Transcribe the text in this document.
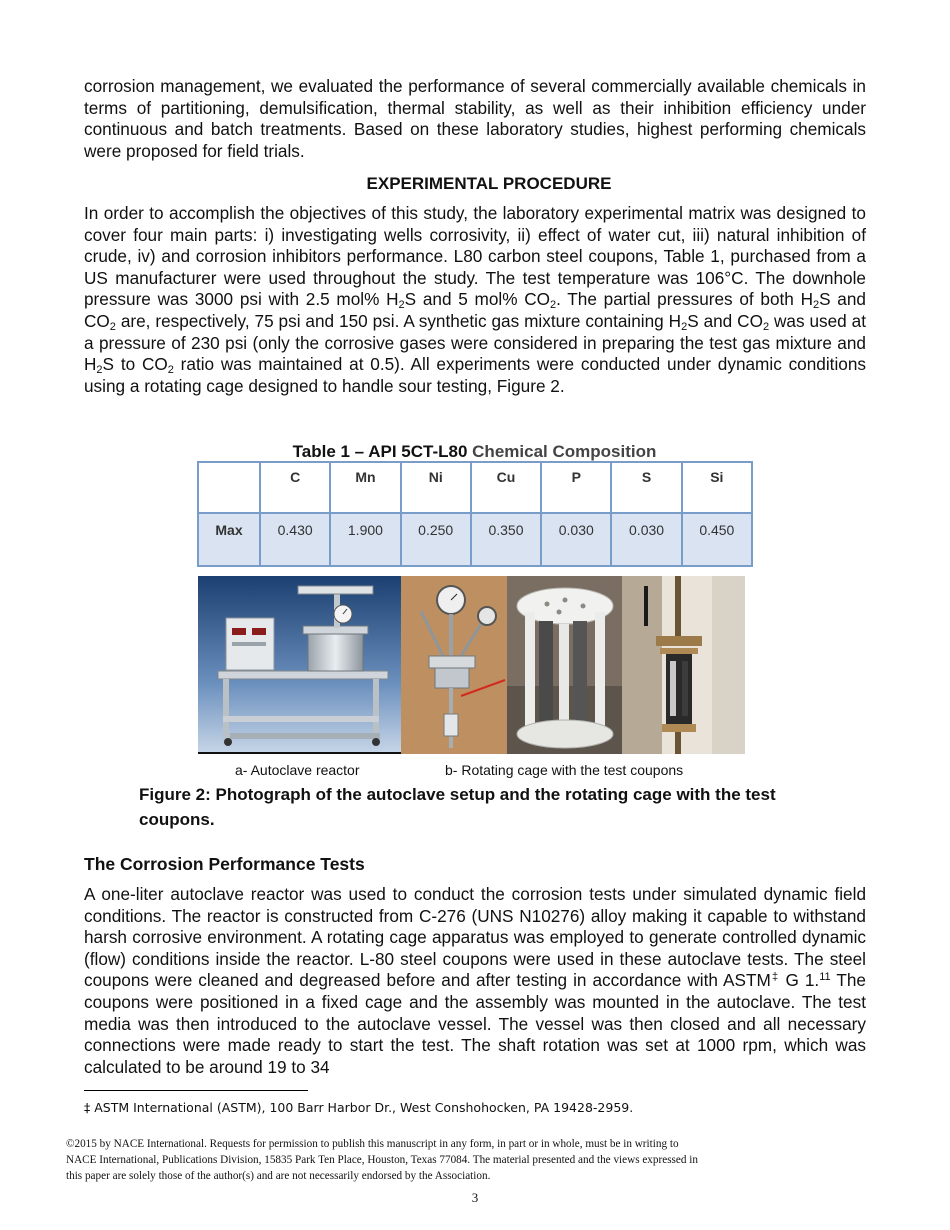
corrosion management, we evaluated the performance of several commercially available chemicals in terms of partitioning, demulsification, thermal stability, as well as their inhibition efficiency under continuous and batch treatments. Based on these laboratory studies, highest performing chemicals were proposed for field trials.

EXPERIMENTAL PROCEDURE

In order to accomplish the objectives of this study, the laboratory experimental matrix was designed to cover four main parts: i) investigating wells corrosivity, ii) effect of water cut, iii) natural inhibition of crude, iv) and corrosion inhibitors performance. L80 carbon steel coupons, Table 1, purchased from a US manufacturer were used throughout the study. The test temperature was 106°C. The downhole pressure was 3000 psi with 2.5 mol% $H_2S$ and 5 mol% $CO_2$. The partial pressures of both $H_2S$ and $CO_2$ are, respectively, 75 psi and 150 psi. A synthetic gas mixture containing $H_2S$ and $CO_2$ was used at a pressure of 230 psi (only the corrosive gases were considered in preparing the test gas mixture and $H_2S$ to $CO_2$ ratio was maintained at 0.5). All experiments were conducted under dynamic conditions using a rotating cage designed to handle sour testing, Figure 2.

Table 1 – API 5CT-L80 Chemical Composition
	C	Mn	Ni	Cu	P	S	Si
Max	0.430	1.900	0.250	0.350	0.030	0.030	0.450
a- Autoclave reactor	b- Rotating cage with the test coupons
Figure 2: Photograph of the autoclave setup and the rotating cage with the test coupons.
The Corrosion Performance Tests

A one-liter autoclave reactor was used to conduct the corrosion tests under simulated dynamic field conditions. The reactor is constructed from C-276 (UNS N10276) alloy making it capable to withstand harsh corrosive environment. A rotating cage apparatus was employed to generate controlled dynamic (flow) conditions inside the reactor. L-80 steel coupons were used in these autoclave tests. The steel coupons were cleaned and degreased before and after testing in accordance with ASTM‡ G 1.11 The coupons were positioned in a fixed cage and the assembly was mounted in the autoclave. The test media was then introduced to the autoclave vessel. The vessel was then closed and all necessary connections were made ready to start the test. The shaft rotation was set at 1000 rpm, which was calculated to be around 19 to 34

‡ ASTM International (ASTM), 100 Barr Harbor Dr., West Conshohocken, PA 19428-2959.
©2015 by NACE International. Requests for permission to publish this manuscript in any form, in part or in whole, must be in writing to
NACE International, Publications Division, 15835 Park Ten Place, Houston, Texas 77084. The material presented and the views expressed in
this paper are solely those of the author(s) and are not necessarily endorsed by the Association.
3
